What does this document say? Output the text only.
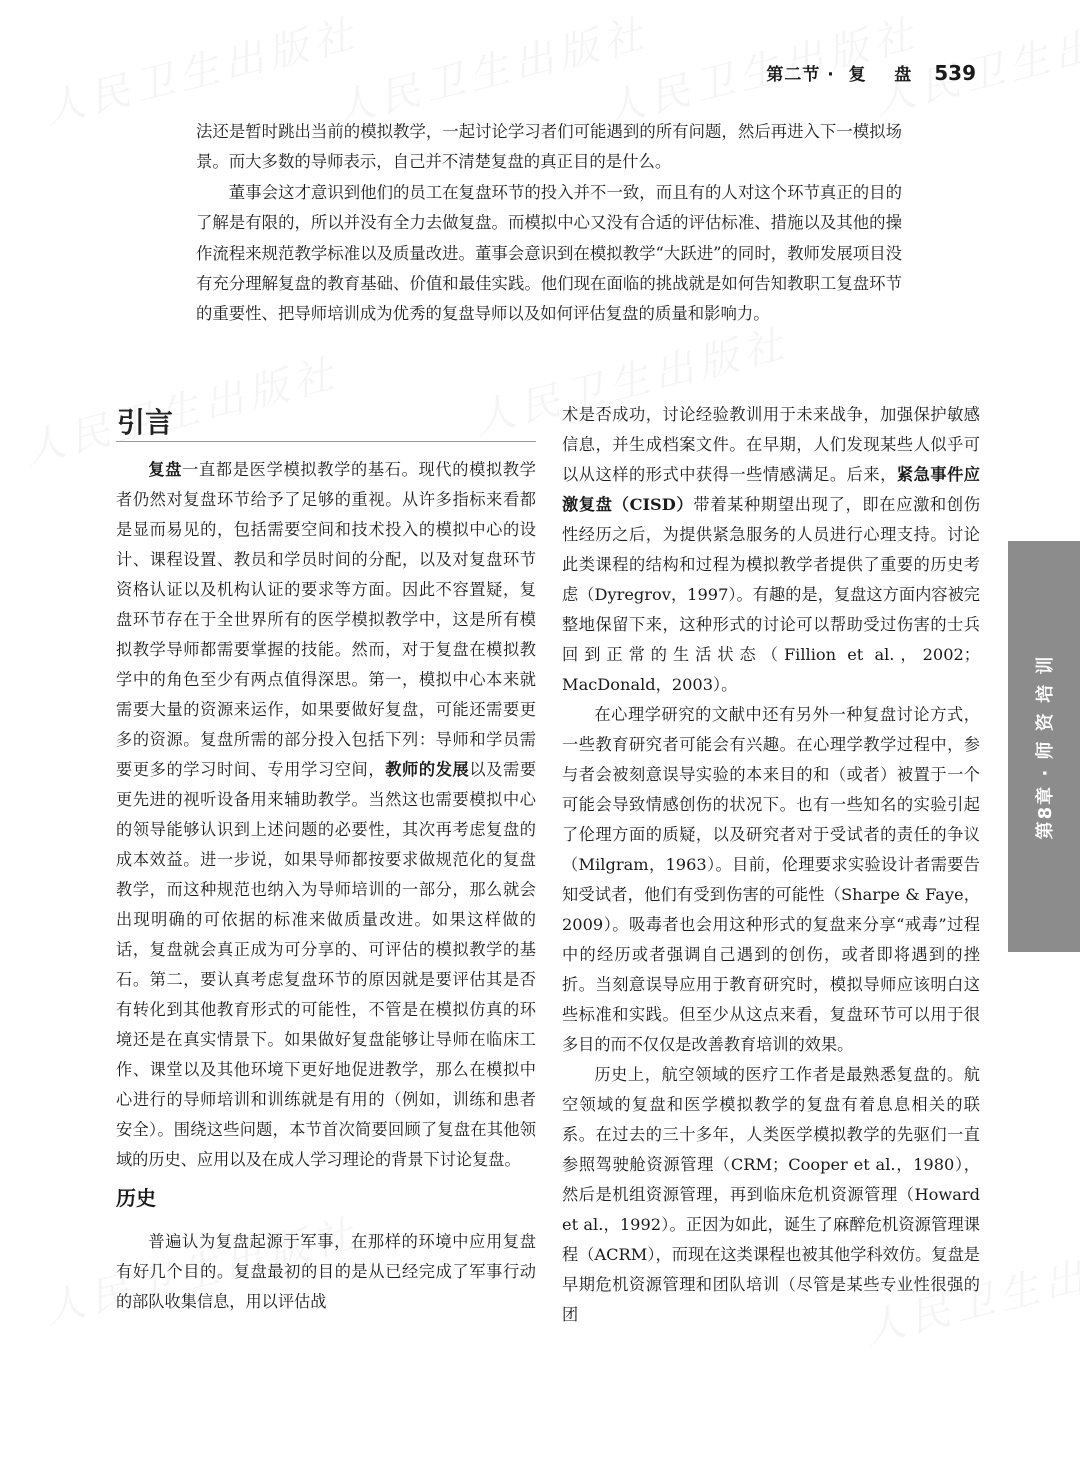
第二节 ·  复    盘 539

法还是暂时跳出当前的模拟教学，一起讨论学习者们可能遇到的所有问题，然后再进入下一模拟场景。而大多数的导师表示，自己并不清楚复盘的真正目的是什么。

董事会这才意识到他们的员工在复盘环节的投入并不一致，而且有的人对这个环节真正的目的了解是有限的，所以并没有全力去做复盘。而模拟中心又没有合适的评估标准、措施以及其他的操作流程来规范教学标准以及质量改进。董事会意识到在模拟教学“大跃进”的同时，教师发展项目没有充分理解复盘的教育基础、价值和最佳实践。他们现在面临的挑战就是如何告知教职工复盘环节的重要性、把导师培训成为优秀的复盘导师以及如何评估复盘的质量和影响力。

引言

复盘一直都是医学模拟教学的基石。现代的模拟教学者仍然对复盘环节给予了足够的重视。从许多指标来看都是显而易见的，包括需要空间和技术投入的模拟中心的设计、课程设置、教员和学员时间的分配，以及对复盘环节资格认证以及机构认证的要求等方面。因此不容置疑，复盘环节存在于全世界所有的医学模拟教学中，这是所有模拟教学导师都需要掌握的技能。然而，对于复盘在模拟教学中的角色至少有两点值得深思。第一，模拟中心本来就需要大量的资源来运作，如果要做好复盘，可能还需要更多的资源。复盘所需的部分投入包括下列：导师和学员需要更多的学习时间、专用学习空间，教师的发展以及需要更先进的视听设备用来辅助教学。当然这也需要模拟中心的领导能够认识到上述问题的必要性，其次再考虑复盘的成本效益。进一步说，如果导师都按要求做规范化的复盘教学，而这种规范也纳入为导师培训的一部分，那么就会出现明确的可依据的标准来做质量改进。如果这样做的话，复盘就会真正成为可分享的、可评估的模拟教学的基石。第二，要认真考虑复盘环节的原因就是要评估其是否有转化到其他教育形式的可能性，不管是在模拟仿真的环境还是在真实情景下。如果做好复盘能够让导师在临床工作、课堂以及其他环境下更好地促进教学，那么在模拟中心进行的导师培训和训练就是有用的（例如，训练和患者安全）。围绕这些问题，本节首次简要回顾了复盘在其他领域的历史、应用以及在成人学习理论的背景下讨论复盘。

历史

普遍认为复盘起源于军事，在那样的环境中应用复盘有好几个目的。复盘最初的目的是从已经完成了军事行动的部队收集信息，用以评估战

术是否成功，讨论经验教训用于未来战争，加强保护敏感信息，并生成档案文件。在早期，人们发现某些人似乎可以从这样的形式中获得一些情感满足。后来，紧急事件应激复盘（CISD）带着某种期望出现了，即在应激和创伤性经历之后，为提供紧急服务的人员进行心理支持。讨论此类课程的结构和过程为模拟教学者提供了重要的历史考虑（Dyregrov，1997）。有趣的是，复盘这方面内容被完整地保留下来，这种形式的讨论可以帮助受过伤害的士兵回到正常的生活状态（Fillion et al.，2002；MacDonald，2003）。

在心理学研究的文献中还有另外一种复盘讨论方式，一些教育研究者可能会有兴趣。在心理学教学过程中，参与者会被刻意误导实验的本来目的和（或者）被置于一个可能会导致情感创伤的状况下。也有一些知名的实验引起了伦理方面的质疑，以及研究者对于受试者的责任的争议（Milgram，1963）。目前，伦理要求实验设计者需要告知受试者，他们有受到伤害的可能性（Sharpe & Faye，2009）。吸毒者也会用这种形式的复盘来分享“戒毒”过程中的经历或者强调自己遇到的创伤，或者即将遇到的挫折。当刻意误导应用于教育研究时，模拟导师应该明白这些标准和实践。但至少从这点来看，复盘环节可以用于很多目的而不仅仅是改善教育培训的效果。

历史上，航空领域的医疗工作者是最熟悉复盘的。航空领域的复盘和医学模拟教学的复盘有着息息相关的联系。在过去的三十多年，人类医学模拟教学的先驱们一直参照驾驶舱资源管理（CRM；Cooper et al.，1980），然后是机组资源管理，再到临床危机资源管理（Howard et al.，1992）。正因为如此，诞生了麻醉危机资源管理课程（ACRM），而现在这类课程也被其他学科效仿。复盘是早期危机资源管理和团队培训（尽管是某些专业性很强的团

第8章 · 师 资 培 训
